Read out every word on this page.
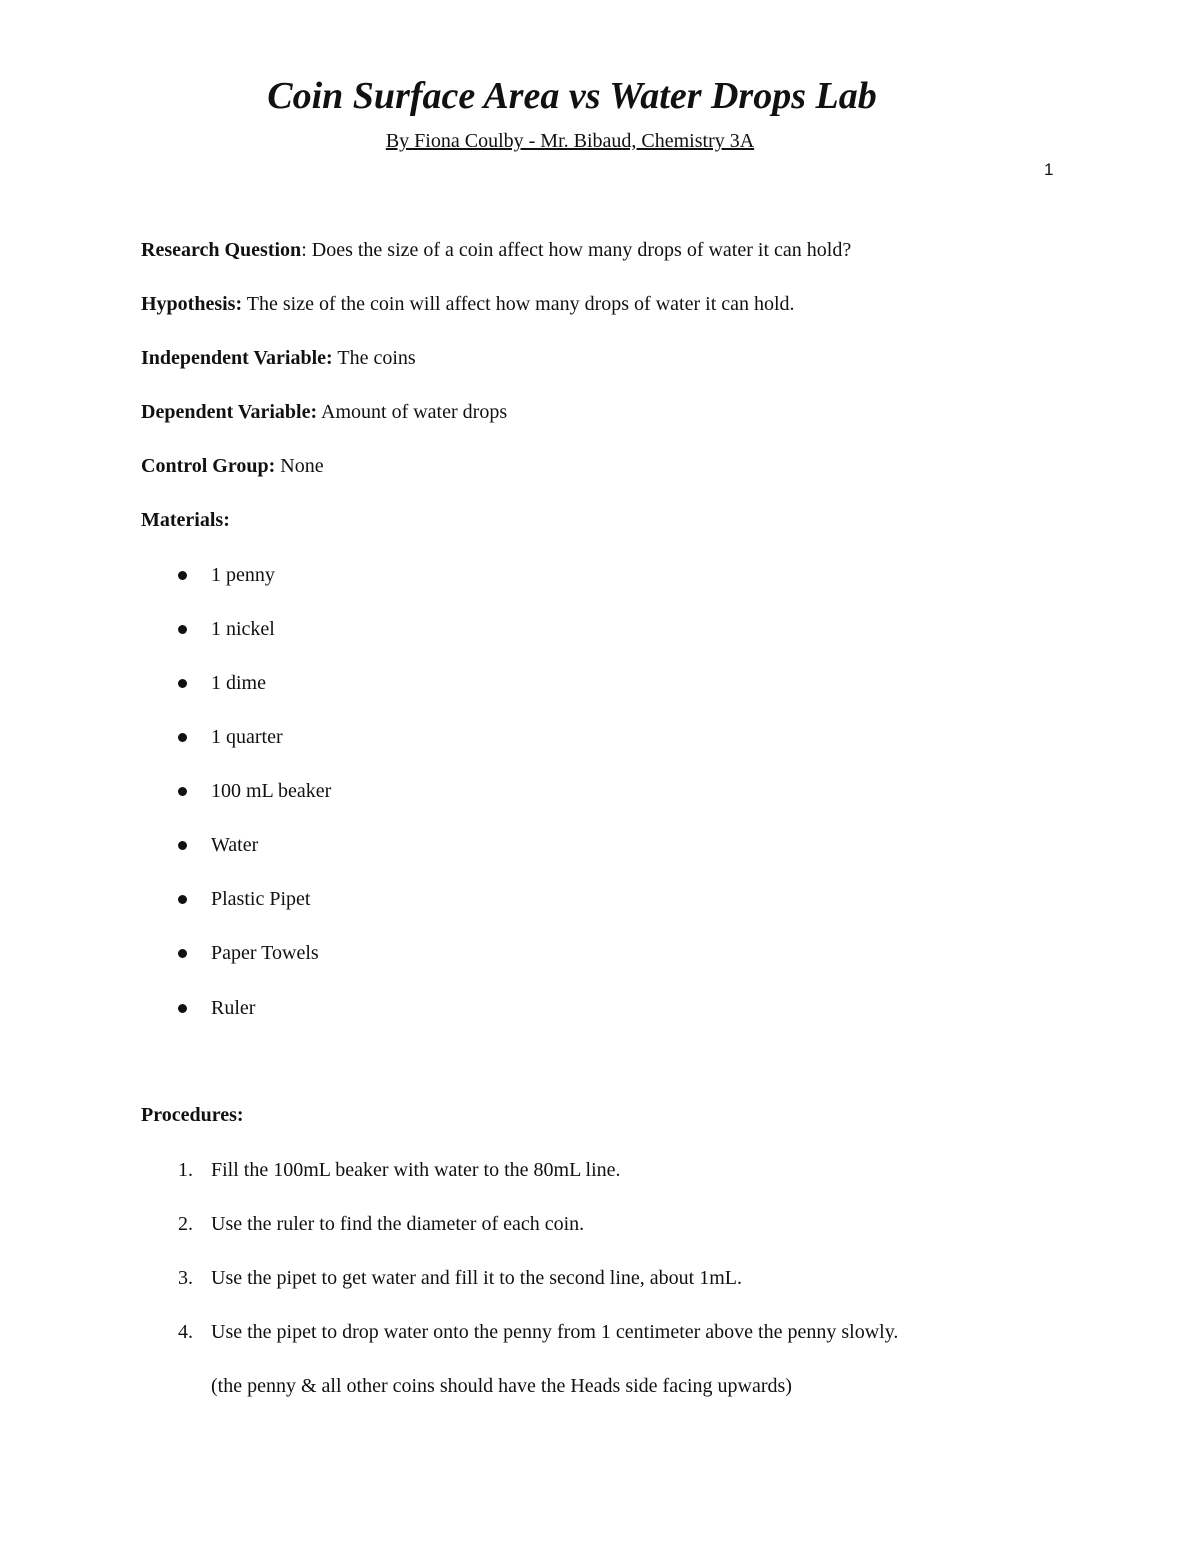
Coin Surface Area vs Water Drops Lab
By Fiona Coulby - Mr. Bibaud, Chemistry 3A
1
Research Question: Does the size of a coin affect how many drops of water it can hold?
Hypothesis: The size of the coin will affect how many drops of water it can hold.
Independent Variable: The coins
Dependent Variable: Amount of water drops
Control Group: None
Materials:
1 penny
1 nickel
1 dime
1 quarter
100 mL beaker
Water
Plastic Pipet
Paper Towels
Ruler
Procedures:
1. Fill the 100mL beaker with water to the 80mL line.
2. Use the ruler to find the diameter of each coin.
3. Use the pipet to get water and fill it to the second line, about 1mL.
4. Use the pipet to drop water onto the penny from 1 centimeter above the penny slowly.
(the penny & all other coins should have the Heads side facing upwards)
